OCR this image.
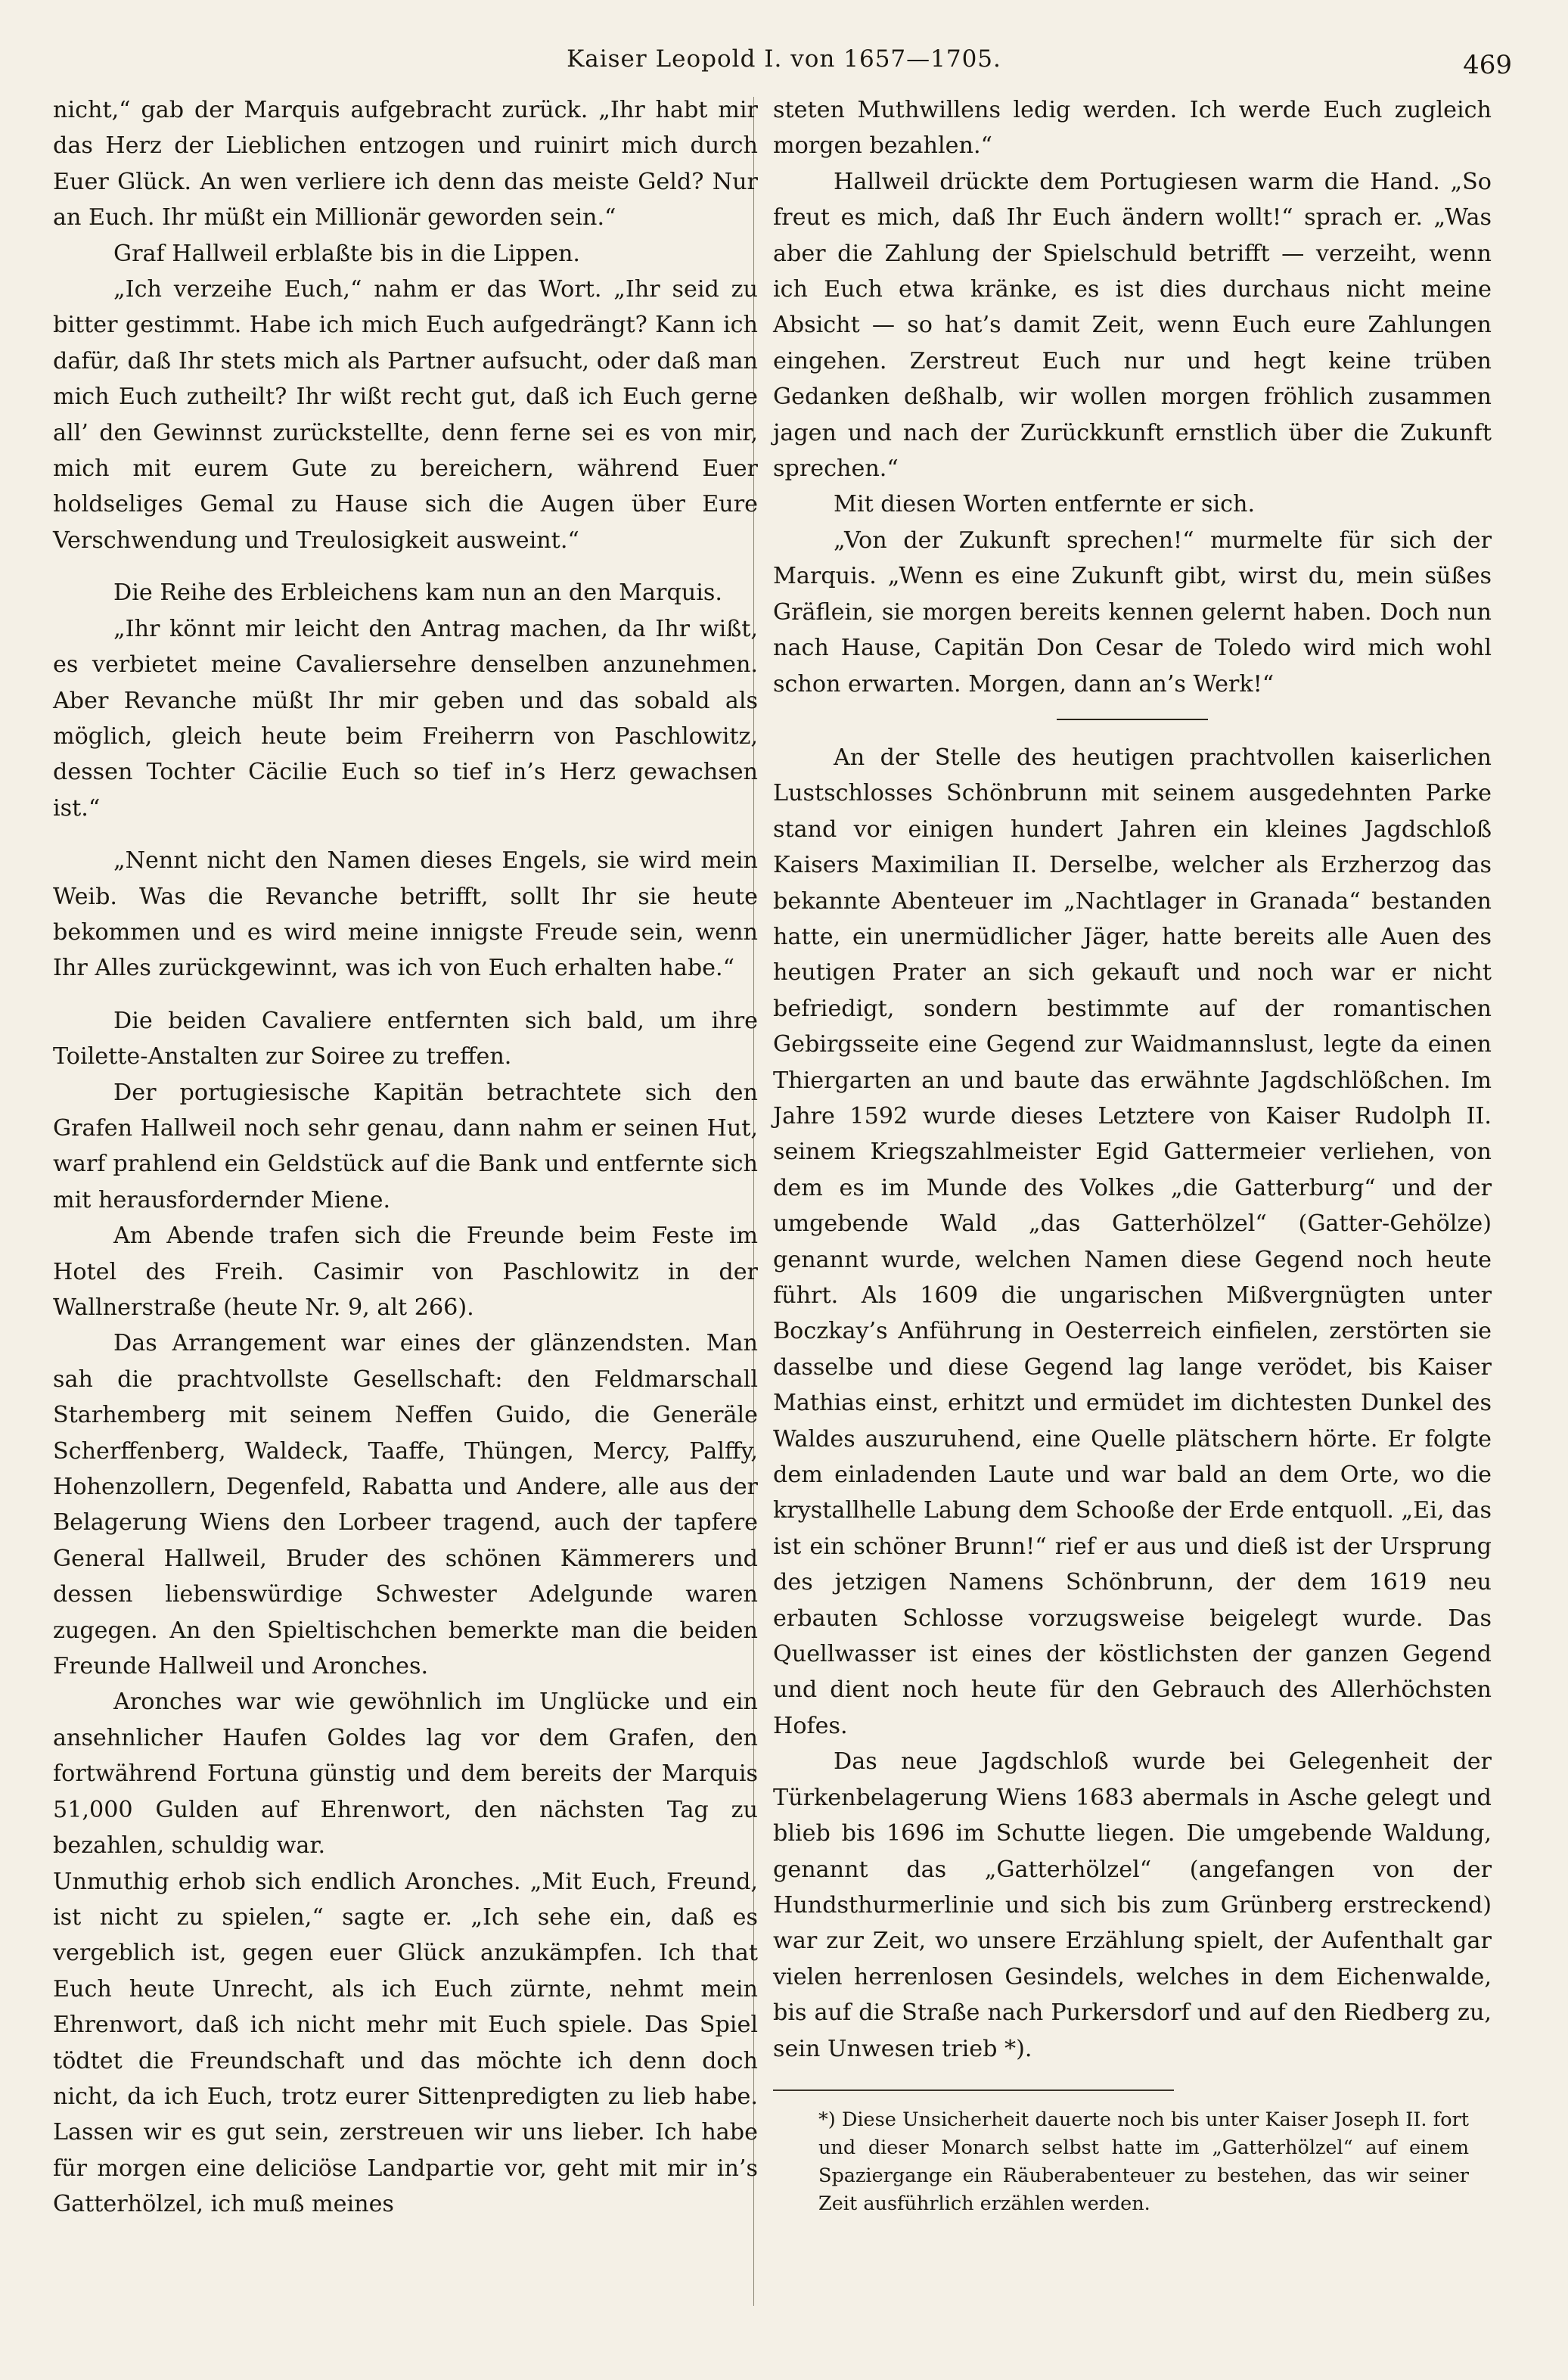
Kaiser Leopold I. von 1657—1705.	469

nicht,“ gab der Marquis aufgebracht zurück. „Ihr habt mir das Herz der Lieblichen entzogen und ruinirt mich durch Euer Glück. An wen verliere ich denn das meiste Geld? Nur an Euch. Ihr müßt ein Millionär geworden sein.“

Graf Hallweil erblaßte bis in die Lippen.

„Ich verzeihe Euch,“ nahm er das Wort. „Ihr seid zu bitter gestimmt. Habe ich mich Euch aufgedrängt? Kann ich dafür, daß Ihr stets mich als Partner aufsucht, oder daß man mich Euch zutheilt? Ihr wißt recht gut, daß ich Euch gerne all’ den Gewinnst zurückstellte, denn ferne sei es von mir, mich mit eurem Gute zu bereichern, während Euer holdseliges Gemal zu Hause sich die Augen über Eure Verschwendung und Treulosigkeit ausweint.“

Die Reihe des Erbleichens kam nun an den Marquis.

„Ihr könnt mir leicht den Antrag machen, da Ihr wißt, es verbietet meine Cavaliersehre denselben anzunehmen. Aber Revanche müßt Ihr mir geben und das sobald als möglich, gleich heute beim Freiherrn von Paschlowitz, dessen Tochter Cäcilie Euch so tief in’s Herz gewachsen ist.“

„Nennt nicht den Namen dieses Engels, sie wird mein Weib. Was die Revanche betrifft, sollt Ihr sie heute bekommen und es wird meine innigste Freude sein, wenn Ihr Alles zurückgewinnt, was ich von Euch erhalten habe.“

Die beiden Cavaliere entfernten sich bald, um ihre Toilette-Anstalten zur Soiree zu treffen.

Der portugiesische Kapitän betrachtete sich den Grafen Hallweil noch sehr genau, dann nahm er seinen Hut, warf prahlend ein Geldstück auf die Bank und entfernte sich mit herausfordernder Miene.

Am Abende trafen sich die Freunde beim Feste im Hotel des Freih. Casimir von Paschlowitz in der Wallnerstraße (heute Nr. 9, alt 266).

Das Arrangement war eines der glänzendsten. Man sah die prachtvollste Gesellschaft: den Feldmarschall Starhemberg mit seinem Neffen Guido, die Generäle Scherffenberg, Waldeck, Taaffe, Thüngen, Mercy, Palffy, Hohenzollern, Degenfeld, Rabatta und Andere, alle aus der Belagerung Wiens den Lorbeer tragend, auch der tapfere General Hallweil, Bruder des schönen Kämmerers und dessen liebenswürdige Schwester Adelgunde waren zugegen. An den Spieltischchen bemerkte man die beiden Freunde Hallweil und Aronches.

Aronches war wie gewöhnlich im Unglücke und ein ansehnlicher Haufen Goldes lag vor dem Grafen, den fortwährend Fortuna günstig und dem bereits der Marquis 51,000 Gulden auf Ehrenwort, den nächsten Tag zu bezahlen, schuldig war.

Unmuthig erhob sich endlich Aronches. „Mit Euch, Freund, ist nicht zu spielen,“ sagte er. „Ich sehe ein, daß es vergeblich ist, gegen euer Glück anzukämpfen. Ich that Euch heute Unrecht, als ich Euch zürnte, nehmt mein Ehrenwort, daß ich nicht mehr mit Euch spiele. Das Spiel tödtet die Freundschaft und das möchte ich denn doch nicht, da ich Euch, trotz eurer Sittenpredigten zu lieb habe. Lassen wir es gut sein, zerstreuen wir uns lieber. Ich habe für morgen eine deliciöse Landpartie vor, geht mit mir in’s Gatterhölzel, ich muß meines

steten Muthwillens ledig werden. Ich werde Euch zugleich morgen bezahlen.“

Hallweil drückte dem Portugiesen warm die Hand. „So freut es mich, daß Ihr Euch ändern wollt!“ sprach er. „Was aber die Zahlung der Spielschuld betrifft — verzeiht, wenn ich Euch etwa kränke, es ist dies durchaus nicht meine Absicht — so hat’s damit Zeit, wenn Euch eure Zahlungen eingehen. Zerstreut Euch nur und hegt keine trüben Gedanken deßhalb, wir wollen morgen fröhlich zusammen jagen und nach der Zurückkunft ernstlich über die Zukunft sprechen.“

Mit diesen Worten entfernte er sich.

„Von der Zukunft sprechen!“ murmelte für sich der Marquis. „Wenn es eine Zukunft gibt, wirst du, mein süßes Gräflein, sie morgen bereits kennen gelernt haben. Doch nun nach Hause, Capitän Don Cesar de Toledo wird mich wohl schon erwarten. Morgen, dann an’s Werk!“

An der Stelle des heutigen prachtvollen kaiserlichen Lustschlosses Schönbrunn mit seinem ausgedehnten Parke stand vor einigen hundert Jahren ein kleines Jagdschloß Kaisers Maximilian II. Derselbe, welcher als Erzherzog das bekannte Abenteuer im „Nachtlager in Granada“ bestanden hatte, ein unermüdlicher Jäger, hatte bereits alle Auen des heutigen Prater an sich gekauft und noch war er nicht befriedigt, sondern bestimmte auf der romantischen Gebirgsseite eine Gegend zur Waidmannslust, legte da einen Thiergarten an und baute das erwähnte Jagdschlößchen. Im Jahre 1592 wurde dieses Letztere von Kaiser Rudolph II. seinem Kriegszahlmeister Egid Gattermeier verliehen, von dem es im Munde des Volkes „die Gatterburg“ und der umgebende Wald „das Gatterhölzel“ (Gatter-Gehölze) genannt wurde, welchen Namen diese Gegend noch heute führt. Als 1609 die ungarischen Mißvergnügten unter Boczkay’s Anführung in Oesterreich einfielen, zerstörten sie dasselbe und diese Gegend lag lange verödet, bis Kaiser Mathias einst, erhitzt und ermüdet im dichtesten Dunkel des Waldes auszuruhend, eine Quelle plätschern hörte. Er folgte dem einladenden Laute und war bald an dem Orte, wo die krystallhelle Labung dem Schooße der Erde entquoll. „Ei, das ist ein schöner Brunn!“ rief er aus und dieß ist der Ursprung des jetzigen Namens Schönbrunn, der dem 1619 neu erbauten Schlosse vorzugsweise beigelegt wurde. Das Quellwasser ist eines der köstlichsten der ganzen Gegend und dient noch heute für den Gebrauch des Allerhöchsten Hofes.

Das neue Jagdschloß wurde bei Gelegenheit der Türkenbelagerung Wiens 1683 abermals in Asche gelegt und blieb bis 1696 im Schutte liegen. Die umgebende Waldung, genannt das „Gatterhölzel“ (angefangen von der Hundsthurmerlinie und sich bis zum Grünberg erstreckend) war zur Zeit, wo unsere Erzählung spielt, der Aufenthalt gar vielen herrenlosen Gesindels, welches in dem Eichenwalde, bis auf die Straße nach Purkersdorf und auf den Riedberg zu, sein Unwesen trieb *).

*) Diese Unsicherheit dauerte noch bis unter Kaiser Joseph II. fort und dieser Monarch selbst hatte im „Gatterhölzel“ auf einem Spaziergange ein Räuberabenteuer zu bestehen, das wir seiner Zeit ausführlich erzählen werden.
